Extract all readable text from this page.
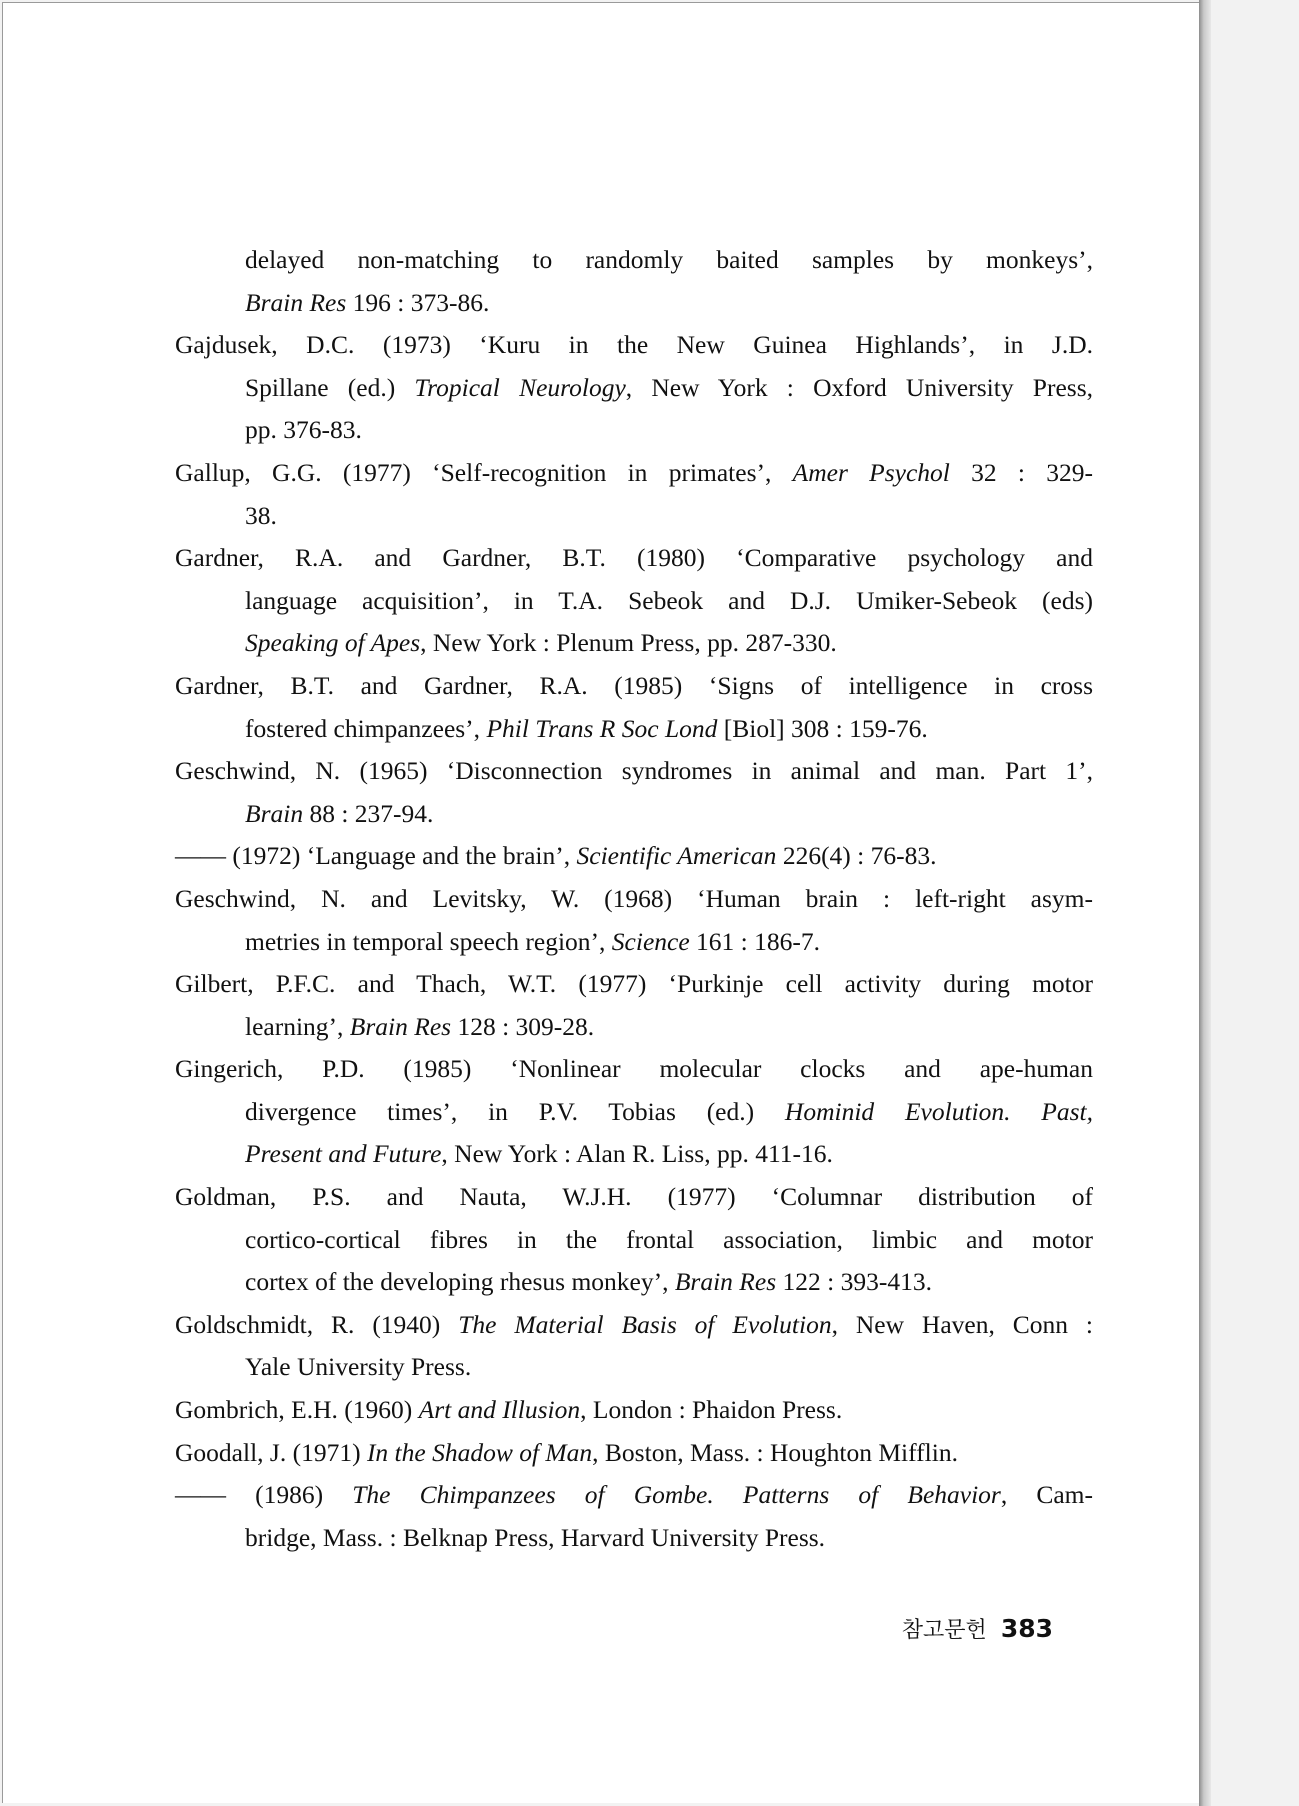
delayed non-matching to randomly baited samples by monkeys’,
Brain Res 196 : 373-86.
Gajdusek, D.C. (1973) ‘Kuru in the New Guinea Highlands’, in J.D.
Spillane (ed.) Tropical Neurology, New York : Oxford University Press,
pp. 376-83.
Gallup, G.G. (1977) ‘Self-recognition in primates’, Amer Psychol 32 : 329-
38.
Gardner, R.A. and Gardner, B.T. (1980) ‘Comparative psychology and
language acquisition’, in T.A. Sebeok and D.J. Umiker-Sebeok (eds)
Speaking of Apes, New York : Plenum Press, pp. 287-330.
Gardner, B.T. and Gardner, R.A. (1985) ‘Signs of intelligence in cross
fostered chimpanzees’, Phil Trans R Soc Lond [Biol] 308 : 159-76.
Geschwind, N. (1965) ‘Disconnection syndromes in animal and man. Part 1’,
Brain 88 : 237-94.
—— (1972) ‘Language and the brain’, Scientific American 226(4) : 76-83.
Geschwind, N. and Levitsky, W. (1968) ‘Human brain : left-right asym-
metries in temporal speech region’, Science 161 : 186-7.
Gilbert, P.F.C. and Thach, W.T. (1977) ‘Purkinje cell activity during motor
learning’, Brain Res 128 : 309-28.
Gingerich, P.D. (1985) ‘Nonlinear molecular clocks and ape-human
divergence times’, in P.V. Tobias (ed.) Hominid Evolution. Past,
Present and Future, New York : Alan R. Liss, pp. 411-16.
Goldman, P.S. and Nauta, W.J.H. (1977) ‘Columnar distribution of
cortico-cortical fibres in the frontal association, limbic and motor
cortex of the developing rhesus monkey’, Brain Res 122 : 393-413.
Goldschmidt, R. (1940) The Material Basis of Evolution, New Haven, Conn :
Yale University Press.
Gombrich, E.H. (1960) Art and Illusion, London : Phaidon Press.
Goodall, J. (1971) In the Shadow of Man, Boston, Mass. : Houghton Mifflin.
—— (1986) The Chimpanzees of Gombe. Patterns of Behavior, Cam-
bridge, Mass. : Belknap Press, Harvard University Press.
참고문헌 383
